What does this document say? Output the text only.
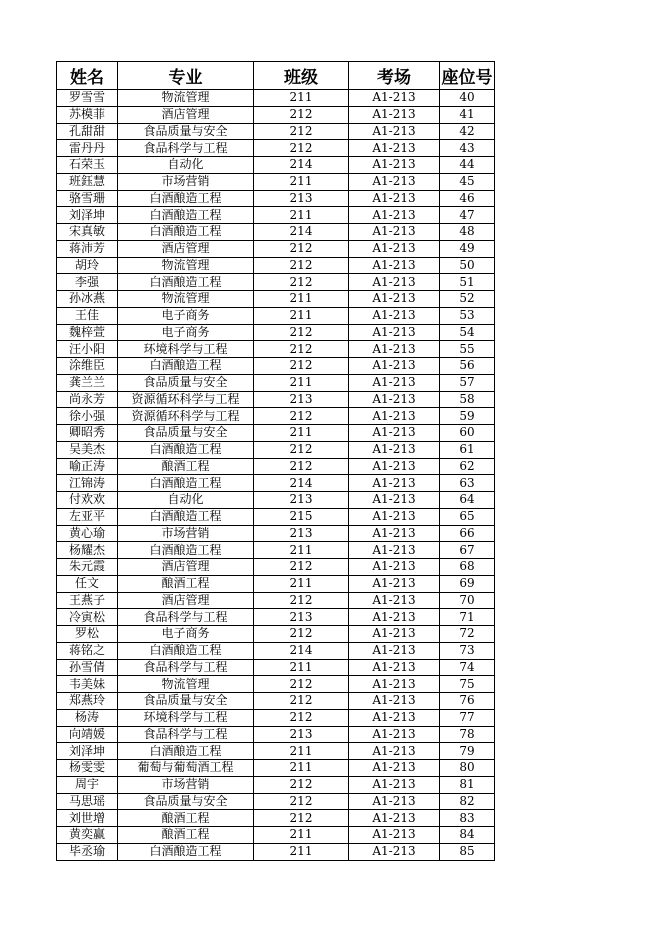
姓名	专业	班级	考场	座位号
罗雪雪	物流管理	211	A1-213	40
苏模菲	酒店管理	212	A1-213	41
孔甜甜	食品质量与安全	212	A1-213	42
雷丹丹	食品科学与工程	212	A1-213	43
石荣玉	自动化	214	A1-213	44
班鈺慧	市场营销	211	A1-213	45
骆雪珊	白酒酿造工程	213	A1-213	46
刘泽坤	白酒酿造工程	211	A1-213	47
宋真敏	白酒酿造工程	214	A1-213	48
蒋沛芳	酒店管理	212	A1-213	49
胡玲	物流管理	212	A1-213	50
李强	白酒酿造工程	212	A1-213	51
孙冰燕	物流管理	211	A1-213	52
王佳	电子商务	211	A1-213	53
魏梓萱	电子商务	212	A1-213	54
汪小阳	环境科学与工程	212	A1-213	55
涂维臣	白酒酿造工程	212	A1-213	56
龚兰兰	食品质量与安全	211	A1-213	57
尚永芳	资源循环科学与工程	213	A1-213	58
徐小强	资源循环科学与工程	212	A1-213	59
卿昭秀	食品质量与安全	211	A1-213	60
吴美杰	白酒酿造工程	212	A1-213	61
喻正涛	酿酒工程	212	A1-213	62
江锦涛	白酒酿造工程	214	A1-213	63
付欢欢	自动化	213	A1-213	64
左亚平	白酒酿造工程	215	A1-213	65
黄心瑜	市场营销	213	A1-213	66
杨耀杰	白酒酿造工程	211	A1-213	67
朱元霞	酒店管理	212	A1-213	68
任文	酿酒工程	211	A1-213	69
王燕子	酒店管理	212	A1-213	70
冷寅松	食品科学与工程	213	A1-213	71
罗松	电子商务	212	A1-213	72
蒋铭之	白酒酿造工程	214	A1-213	73
孙雪倩	食品科学与工程	211	A1-213	74
韦美妹	物流管理	212	A1-213	75
郑燕玲	食品质量与安全	212	A1-213	76
杨涛	环境科学与工程	212	A1-213	77
向靖媛	食品科学与工程	213	A1-213	78
刘泽坤	白酒酿造工程	211	A1-213	79
杨雯雯	葡萄与葡萄酒工程	211	A1-213	80
周宇	市场营销	212	A1-213	81
马思瑶	食品质量与安全	212	A1-213	82
刘世增	酿酒工程	212	A1-213	83
黄奕赢	酿酒工程	211	A1-213	84
毕丞瑜	白酒酿造工程	211	A1-213	85
